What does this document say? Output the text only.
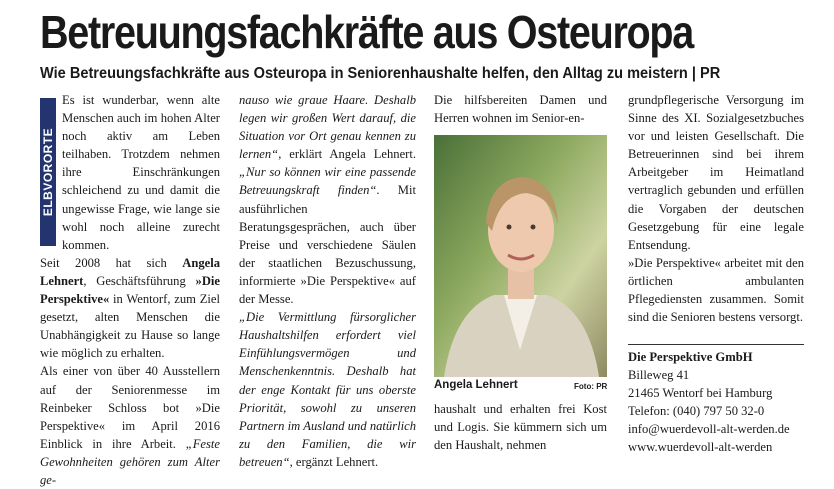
Betreuungsfachkräfte aus Osteuropa
Wie Betreuungsfachkräfte aus Osteuropa in Seniorenhaushalte helfen, den Alltag zu meistern | PR

Es ist wunderbar, wenn alte Menschen auch im hohen Alter noch aktiv am Leben teilhaben. Trotzdem nehmen ihre Einschränkungen schleichend zu und damit die ungewisse Frage, wie lange sie wohl noch alleine zurecht kommen.

Seit 2008 hat sich Angela Lehnert, Geschäftsführung »Die Perspektive« in Wentorf, zum Ziel gesetzt, alten Menschen die Unabhängigkeit zu Hause so lange wie möglich zu erhalten.

Als einer von über 40 Ausstellern auf der Seniorenmesse im Reinbeker Schloss bot »Die Perspektive« im April 2016 Einblick in ihre Arbeit. „Feste Gewohnheiten gehören zum Alter ge-

ELBVORORTE

nauso wie graue Haare. Deshalb legen wir großen Wert darauf, die Situation vor Ort genau kennen zu lernen“, erklärt Angela Lehnert. „Nur so können wir eine passende Betreuungskraft finden“. Mit ausführlichen Beratungsgesprächen, auch über Preise und verschiedene Säulen der staatlichen Bezuschussung, informierte »Die Perspektive« auf der Messe.

„Die Vermittlung fürsorglicher Haushaltshilfen erfordert viel Einfühlungsvermögen und Menschenkenntnis. Deshalb hat der enge Kontakt für uns oberste Priorität, sowohl zu unseren Partnern im Ausland und natürlich zu den Familien, die wir betreuen“, ergänzt Lehnert.

Die hilfsbereiten Damen und Herren wohnen im Senior-en-

Angela Lehnert	Foto: PR

haushalt und erhalten frei Kost und Logis. Sie kümmern sich um den Haushalt, nehmen

grundpflegerische Versorgung im Sinne des XI. Sozialgesetzbuches vor und leisten Gesellschaft. Die Betreuerinnen sind bei ihrem Arbeitgeber im Heimatland vertraglich gebunden und erfüllen die Vorgaben der deutschen Gesetzgebung für eine legale Entsendung.

»Die Perspektive« arbeitet mit den örtlichen ambulanten Pflegediensten zusammen. Somit sind die Senioren bestens versorgt.

Die Perspektive GmbH
Billeweg 41
21465 Wentorf bei Hamburg
Telefon: (040) 797 50 32-0
info@wuerdevoll-alt-werden.de
www.wuerdevoll-alt-werden
